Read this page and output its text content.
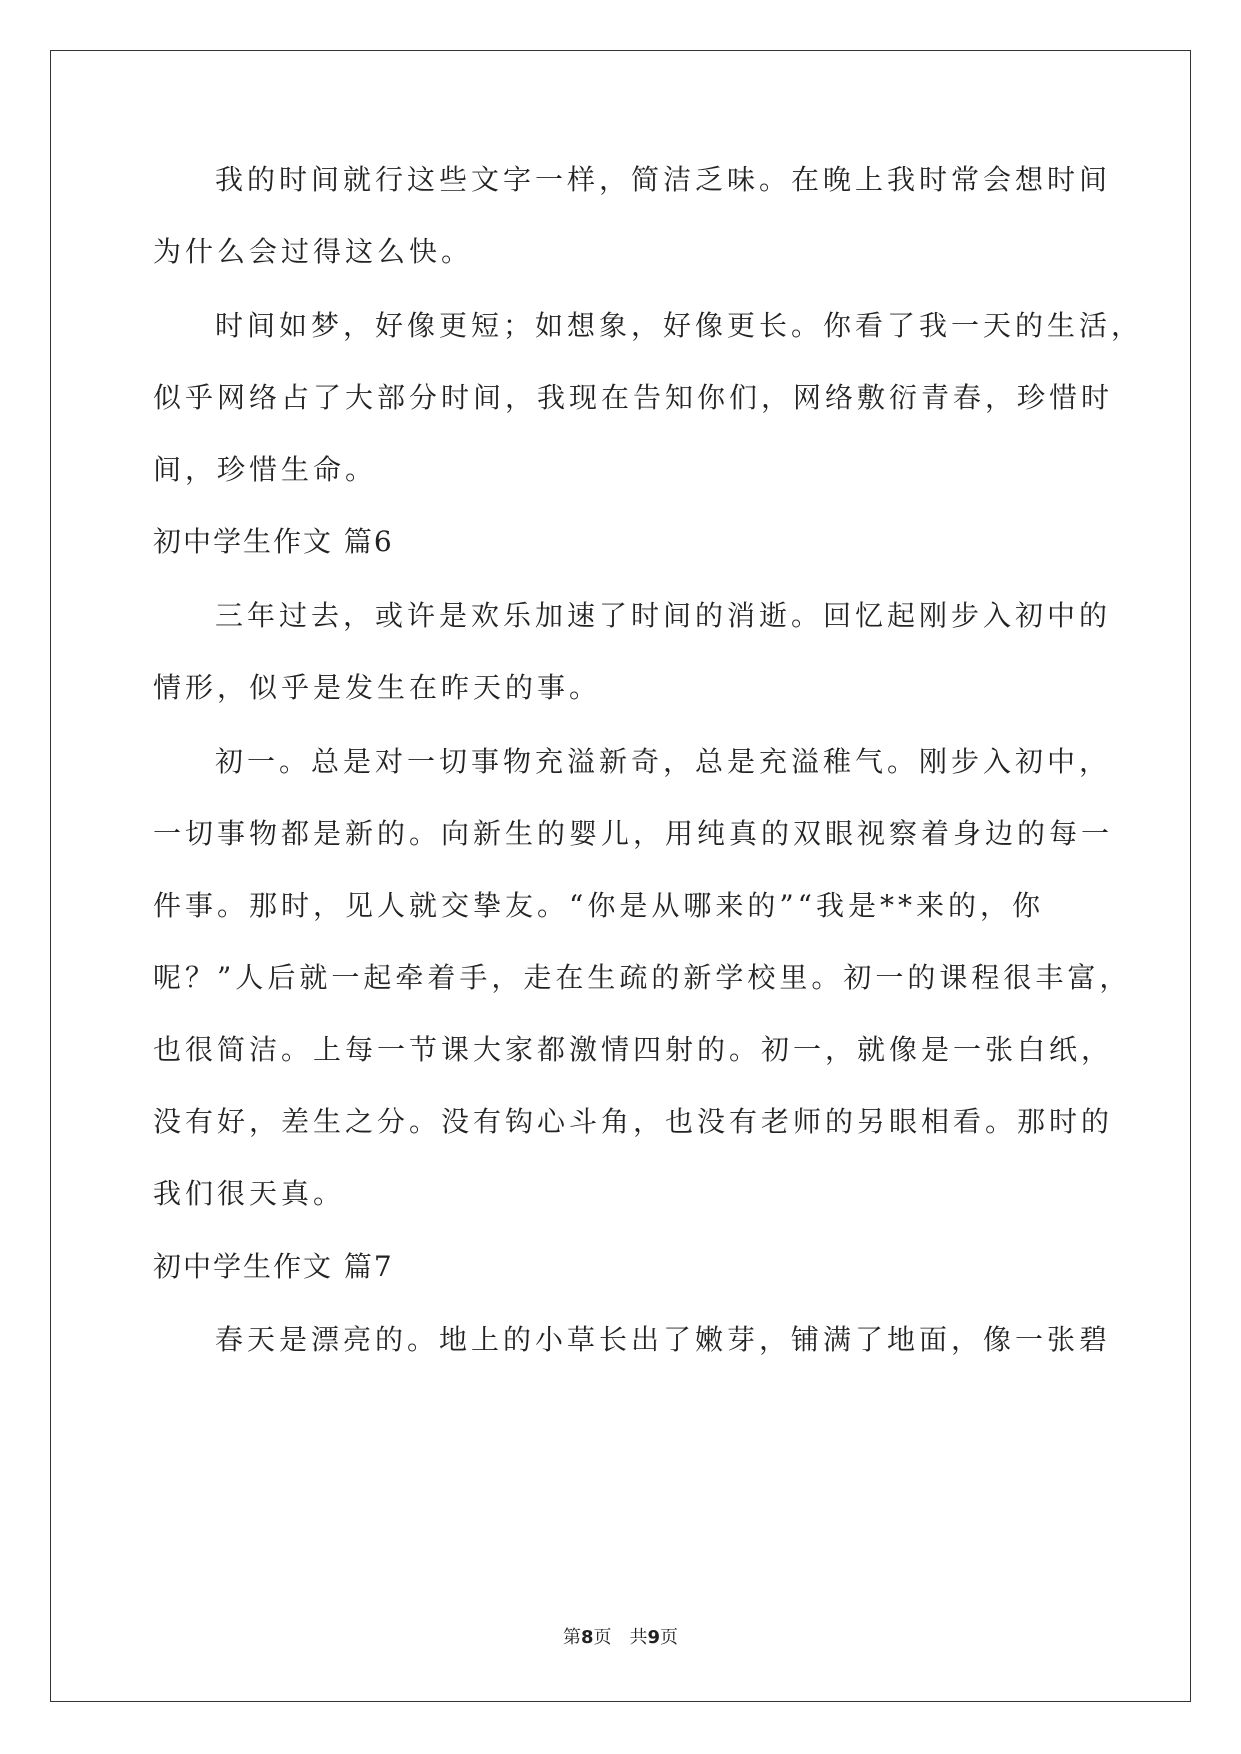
我的时间就行这些文字一样，简洁乏味。在晚上我时常会想时间
为什么会过得这么快。
时间如梦，好像更短；如想象，好像更长。你看了我一天的生活，
似乎网络占了大部分时间，我现在告知你们，网络敷衍青春，珍惜时
间，珍惜生命。
初中学生作文 篇6
三年过去，或许是欢乐加速了时间的消逝。回忆起刚步入初中的
情形，似乎是发生在昨天的事。
初一。总是对一切事物充溢新奇，总是充溢稚气。刚步入初中，
一切事物都是新的。向新生的婴儿，用纯真的双眼视察着身边的每一
件事。那时，见人就交挚友。“你是从哪来的”“我是**来的，你
呢？”人后就一起牵着手，走在生疏的新学校里。初一的课程很丰富，
也很简洁。上每一节课大家都激情四射的。初一，就像是一张白纸，
没有好，差生之分。没有钩心斗角，也没有老师的另眼相看。那时的
我们很天真。
初中学生作文 篇7
春天是漂亮的。地上的小草长出了嫩芽，铺满了地面，像一张碧
第8页 共9页
